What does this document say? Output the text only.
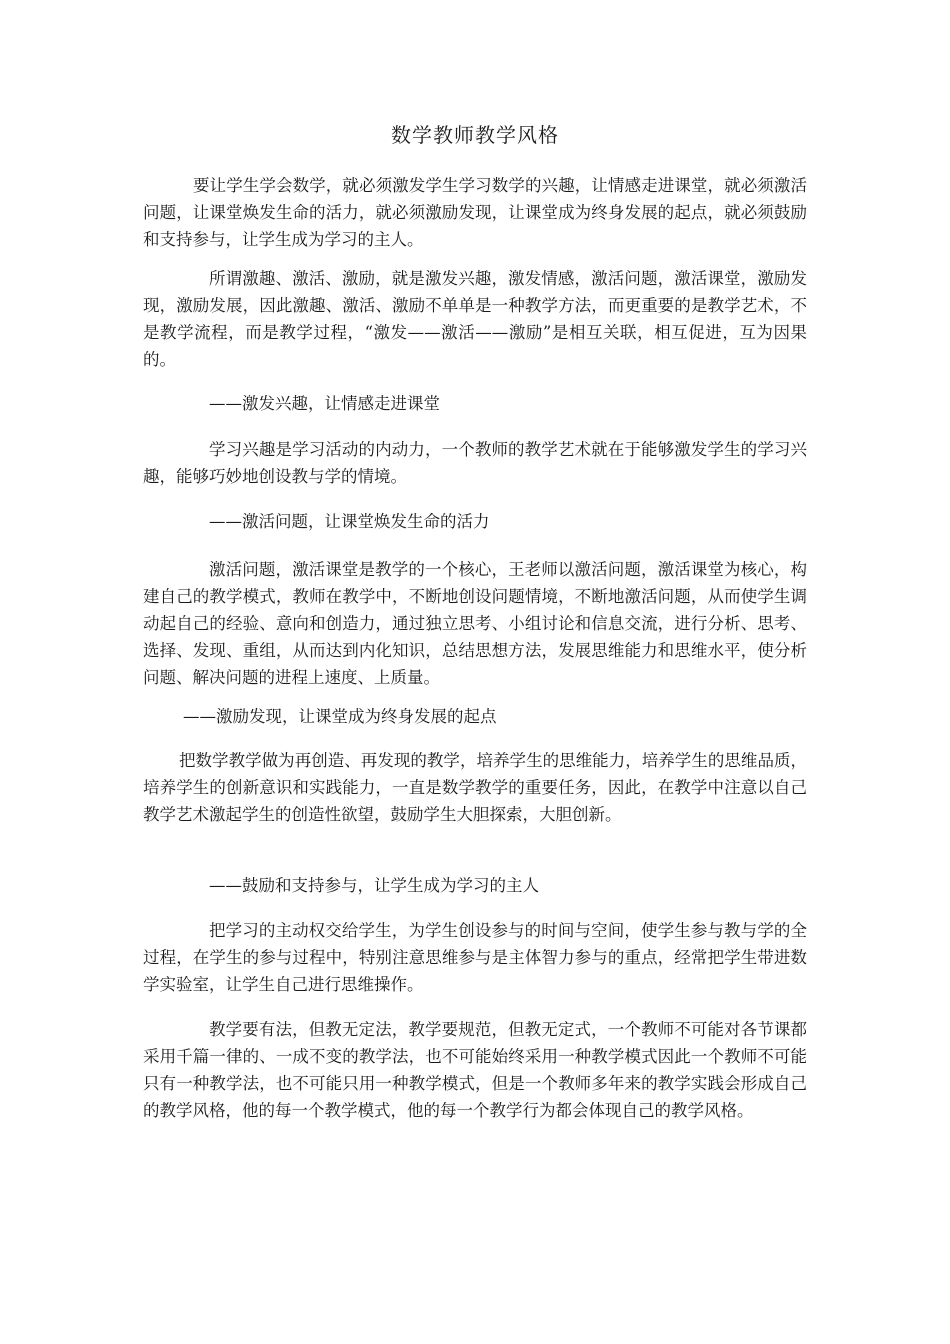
数学教师教学风格

要让学生学会数学，就必须激发学生学习数学的兴趣，让情感走进课堂，就必须激活问题，让课堂焕发生命的活力，就必须激励发现，让课堂成为终身发展的起点，就必须鼓励和支持参与，让学生成为学习的主人。

所谓激趣、激活、激励，就是激发兴趣，激发情感，激活问题，激活课堂，激励发现，激励发展，因此激趣、激活、激励不单单是一种教学方法，而更重要的是教学艺术，不是教学流程，而是教学过程，“激发——激活——激励”是相互关联，相互促进，互为因果的。

——激发兴趣，让情感走进课堂

学习兴趣是学习活动的内动力，一个教师的教学艺术就在于能够激发学生的学习兴趣，能够巧妙地创设教与学的情境。

——激活问题，让课堂焕发生命的活力

激活问题，激活课堂是教学的一个核心，王老师以激活问题，激活课堂为核心，构建自己的教学模式，教师在教学中，不断地创设问题情境，不断地激活问题，从而使学生调动起自己的经验、意向和创造力，通过独立思考、小组讨论和信息交流，进行分析、思考、选择、发现、重组，从而达到内化知识，总结思想方法，发展思维能力和思维水平，使分析问题、解决问题的进程上速度、上质量。

——激励发现，让课堂成为终身发展的起点

把数学教学做为再创造、再发现的教学，培养学生的思维能力，培养学生的思维品质，培养学生的创新意识和实践能力，一直是数学教学的重要任务，因此，在教学中注意以自己教学艺术激起学生的创造性欲望，鼓励学生大胆探索，大胆创新。

——鼓励和支持参与，让学生成为学习的主人

把学习的主动权交给学生，为学生创设参与的时间与空间，使学生参与教与学的全过程，在学生的参与过程中，特别注意思维参与是主体智力参与的重点，经常把学生带进数学实验室，让学生自己进行思维操作。

教学要有法，但教无定法，教学要规范，但教无定式，一个教师不可能对各节课都采用千篇一律的、一成不变的教学法，也不可能始终采用一种教学模式因此一个教师不可能只有一种教学法，也不可能只用一种教学模式，但是一个教师多年来的教学实践会形成自己的教学风格，他的每一个教学模式，他的每一个教学行为都会体现自己的教学风格。
